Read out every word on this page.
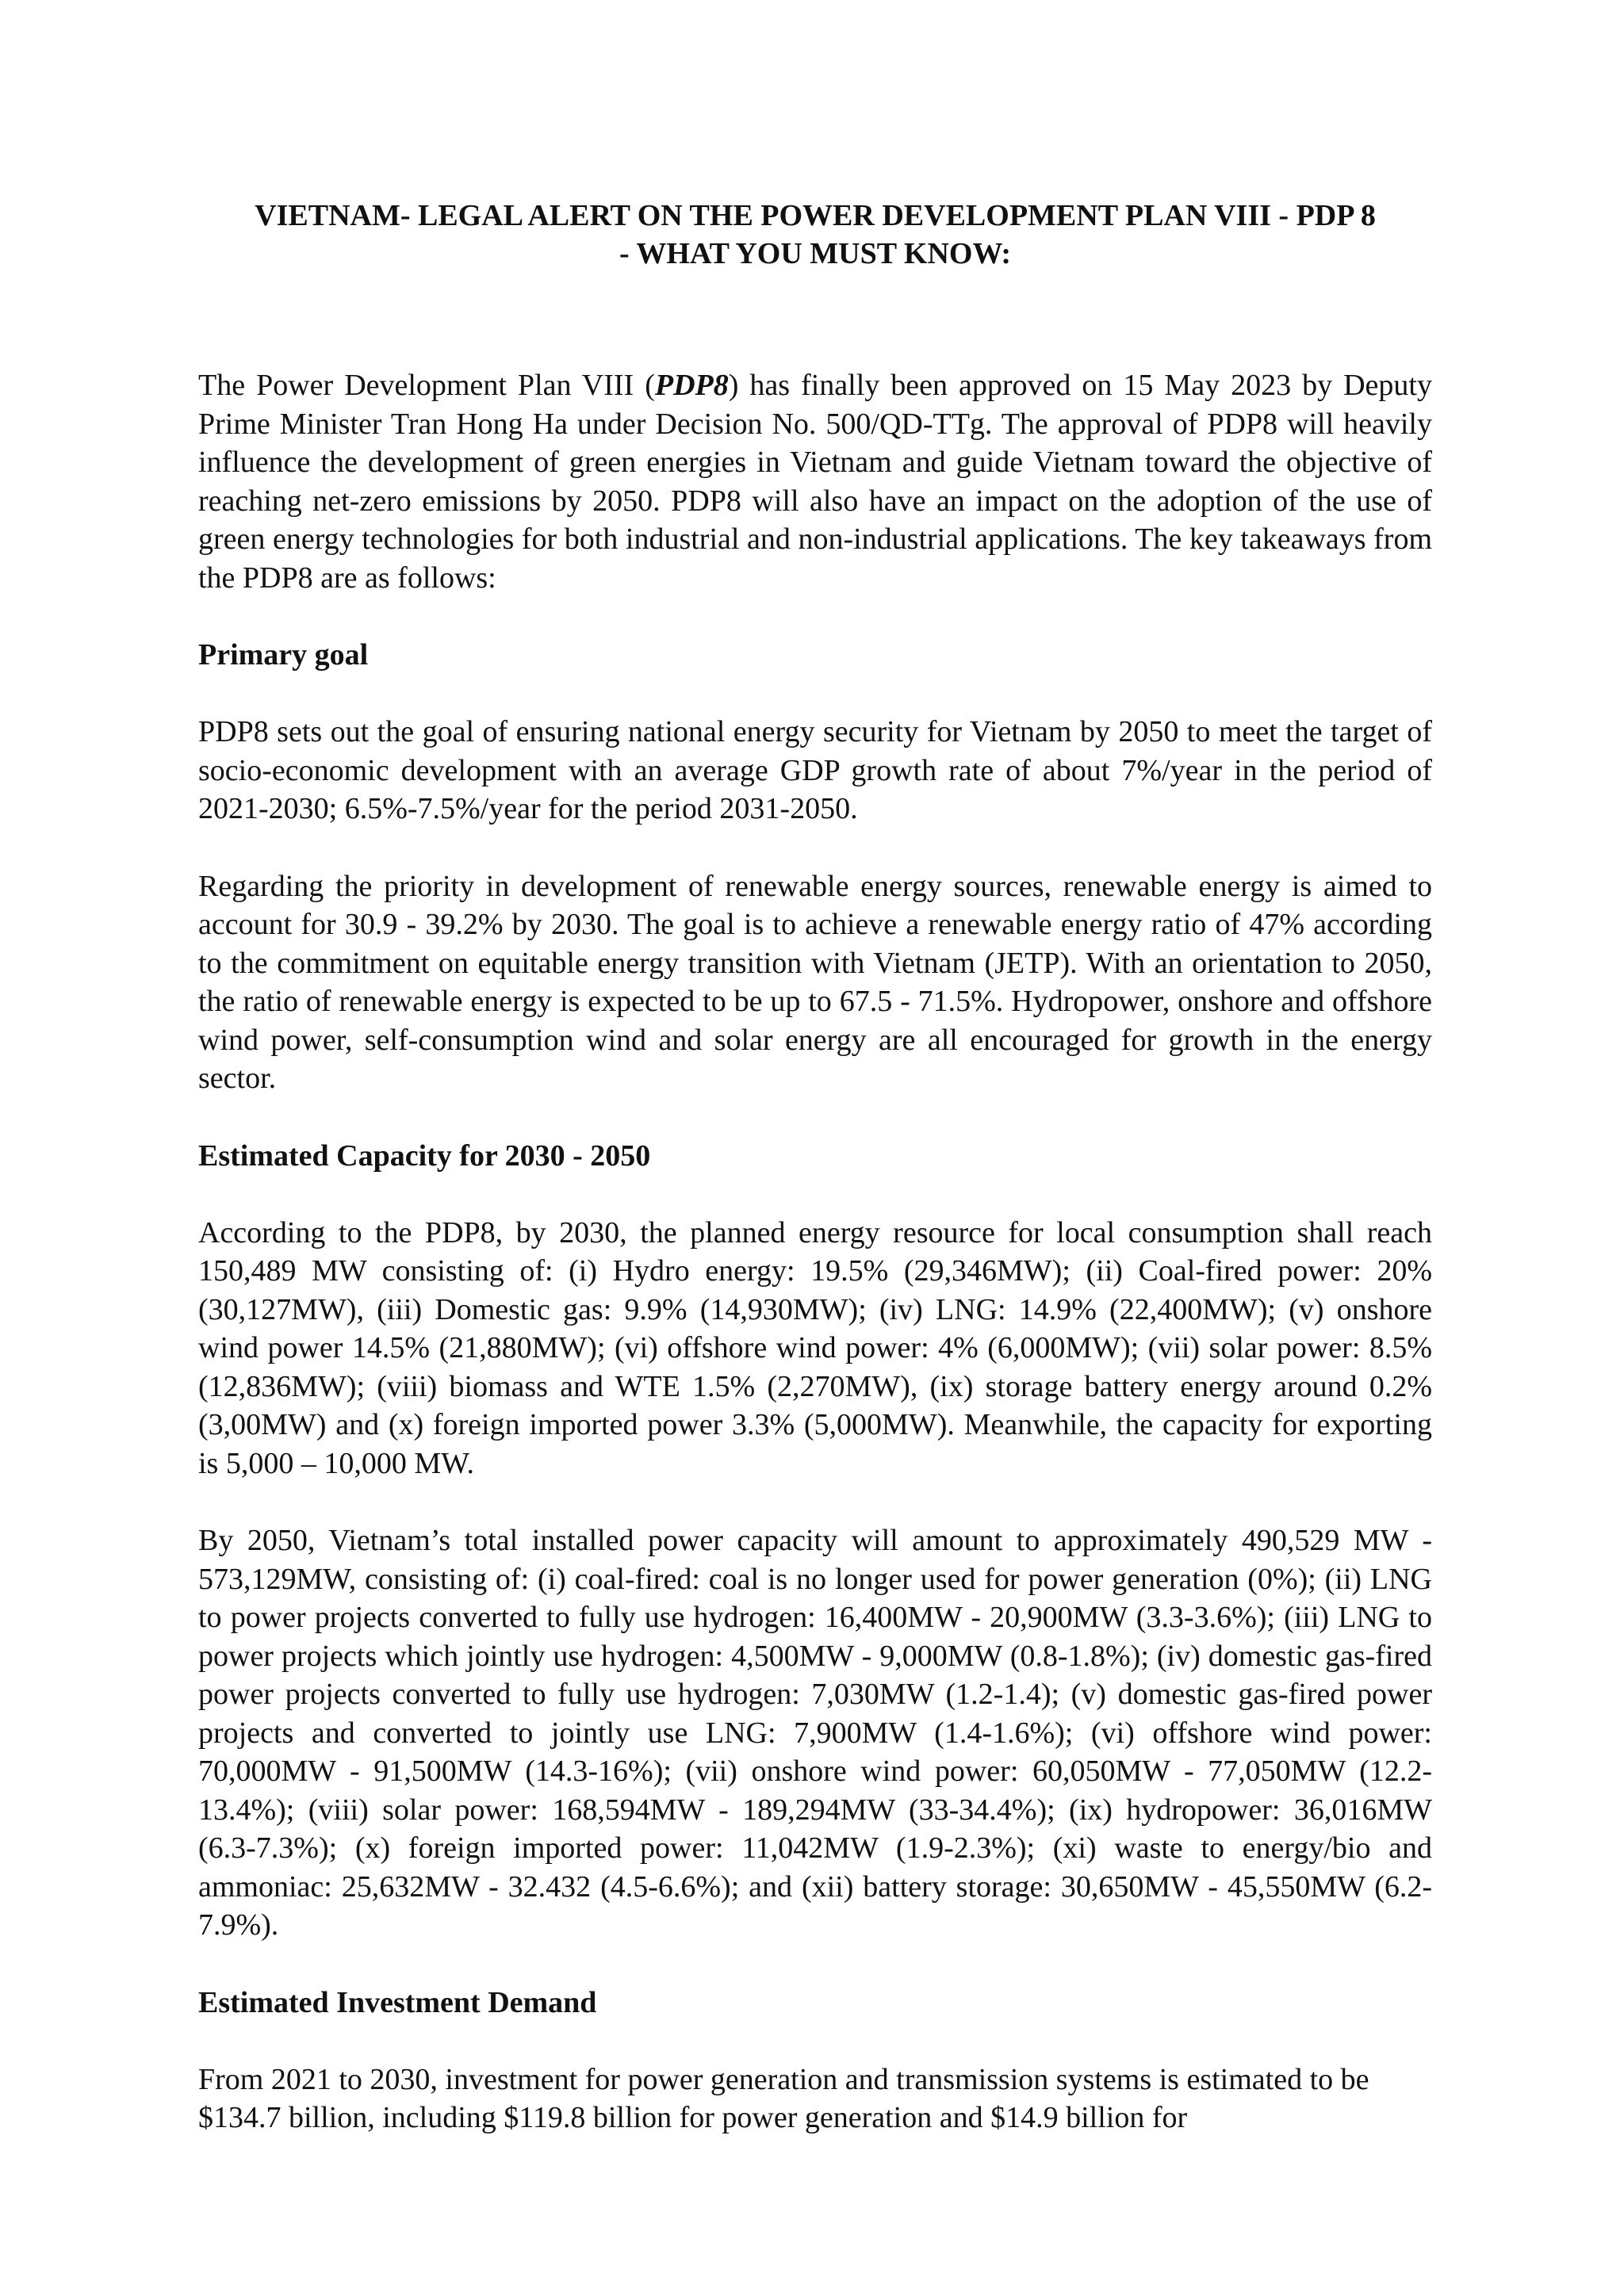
VIETNAM- LEGAL ALERT ON THE POWER DEVELOPMENT PLAN VIII - PDP 8
- WHAT YOU MUST KNOW:

The Power Development Plan VIII (PDP8) has finally been approved on 15 May 2023 by Deputy Prime Minister Tran Hong Ha under Decision No. 500/QD-TTg. The approval of PDP8 will heavily influence the development of green energies in Vietnam and guide Vietnam toward the objective of reaching net-zero emissions by 2050. PDP8 will also have an impact on the adoption of the use of green energy technologies for both industrial and non-industrial applications. The key takeaways from the PDP8 are as follows:

Primary goal

PDP8 sets out the goal of ensuring national energy security for Vietnam by 2050 to meet the target of socio-economic development with an average GDP growth rate of about 7%/year in the period of 2021-2030; 6.5%-7.5%/year for the period 2031-2050.

Regarding the priority in development of renewable energy sources, renewable energy is aimed to account for 30.9 - 39.2% by 2030. The goal is to achieve a renewable energy ratio of 47% according to the commitment on equitable energy transition with Vietnam (JETP). With an orientation to 2050, the ratio of renewable energy is expected to be up to 67.5 - 71.5%. Hydropower, onshore and offshore wind power, self-consumption wind and solar energy are all encouraged for growth in the energy sector.

Estimated Capacity for 2030 - 2050

According to the PDP8, by 2030, the planned energy resource for local consumption shall reach 150,489 MW consisting of: (i) Hydro energy: 19.5% (29,346MW); (ii) Coal-fired power: 20% (30,127MW), (iii) Domestic gas: 9.9% (14,930MW); (iv) LNG: 14.9% (22,400MW); (v) onshore wind power 14.5% (21,880MW); (vi) offshore wind power: 4% (6,000MW); (vii) solar power: 8.5% (12,836MW); (viii) biomass and WTE 1.5% (2,270MW), (ix) storage battery energy around 0.2% (3,00MW) and (x) foreign imported power 3.3% (5,000MW). Meanwhile, the capacity for exporting is 5,000 – 10,000 MW.

By 2050, Vietnam’s total installed power capacity will amount to approximately 490,529 MW - 573,129MW, consisting of: (i) coal-fired: coal is no longer used for power generation (0%); (ii) LNG to power projects converted to fully use hydrogen: 16,400MW - 20,900MW (3.3-3.6%); (iii) LNG to power projects which jointly use hydrogen: 4,500MW - 9,000MW (0.8-1.8%); (iv) domestic gas-fired power projects converted to fully use hydrogen: 7,030MW (1.2-1.4); (v) domestic gas-fired power projects and converted to jointly use LNG: 7,900MW (1.4-1.6%); (vi) offshore wind power: 70,000MW - 91,500MW (14.3-16%); (vii) onshore wind power: 60,050MW - 77,050MW (12.2-13.4%); (viii) solar power: 168,594MW - 189,294MW (33-34.4%); (ix) hydropower: 36,016MW (6.3-7.3%); (x) foreign imported power: 11,042MW (1.9-2.3%); (xi) waste to energy/bio and ammoniac: 25,632MW - 32.432 (4.5-6.6%); and (xii) battery storage: 30,650MW - 45,550MW (6.2-7.9%).

Estimated Investment Demand

From 2021 to 2030, investment for power generation and transmission systems is estimated to be $134.7 billion, including $119.8 billion for power generation and $14.9 billion for
